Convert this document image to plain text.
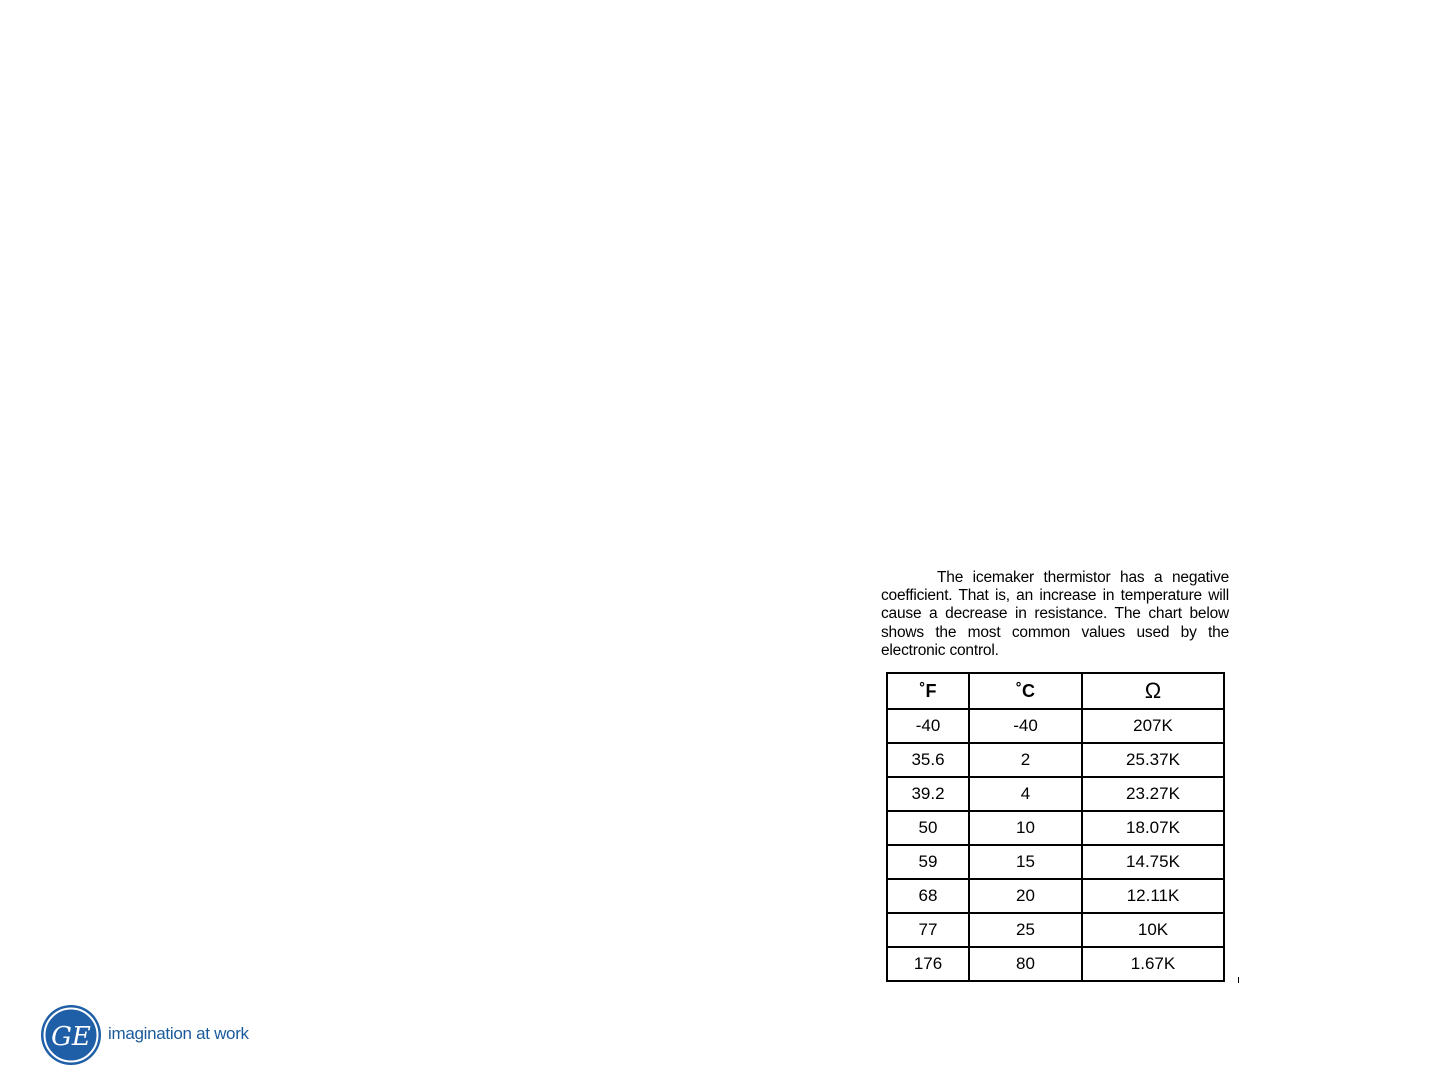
The icemaker thermistor has a negative coefficient. That is, an increase in temperature will cause a decrease in resistance. The chart below shows the most common values used by the electronic control.

˚F	˚C	Ω
-40	-40	207K
35.6	2	25.37K
39.2	4	23.27K
50	10	18.07K
59	15	14.75K
68	20	12.11K
77	25	10K
176	80	1.67K
GE imagination at work
